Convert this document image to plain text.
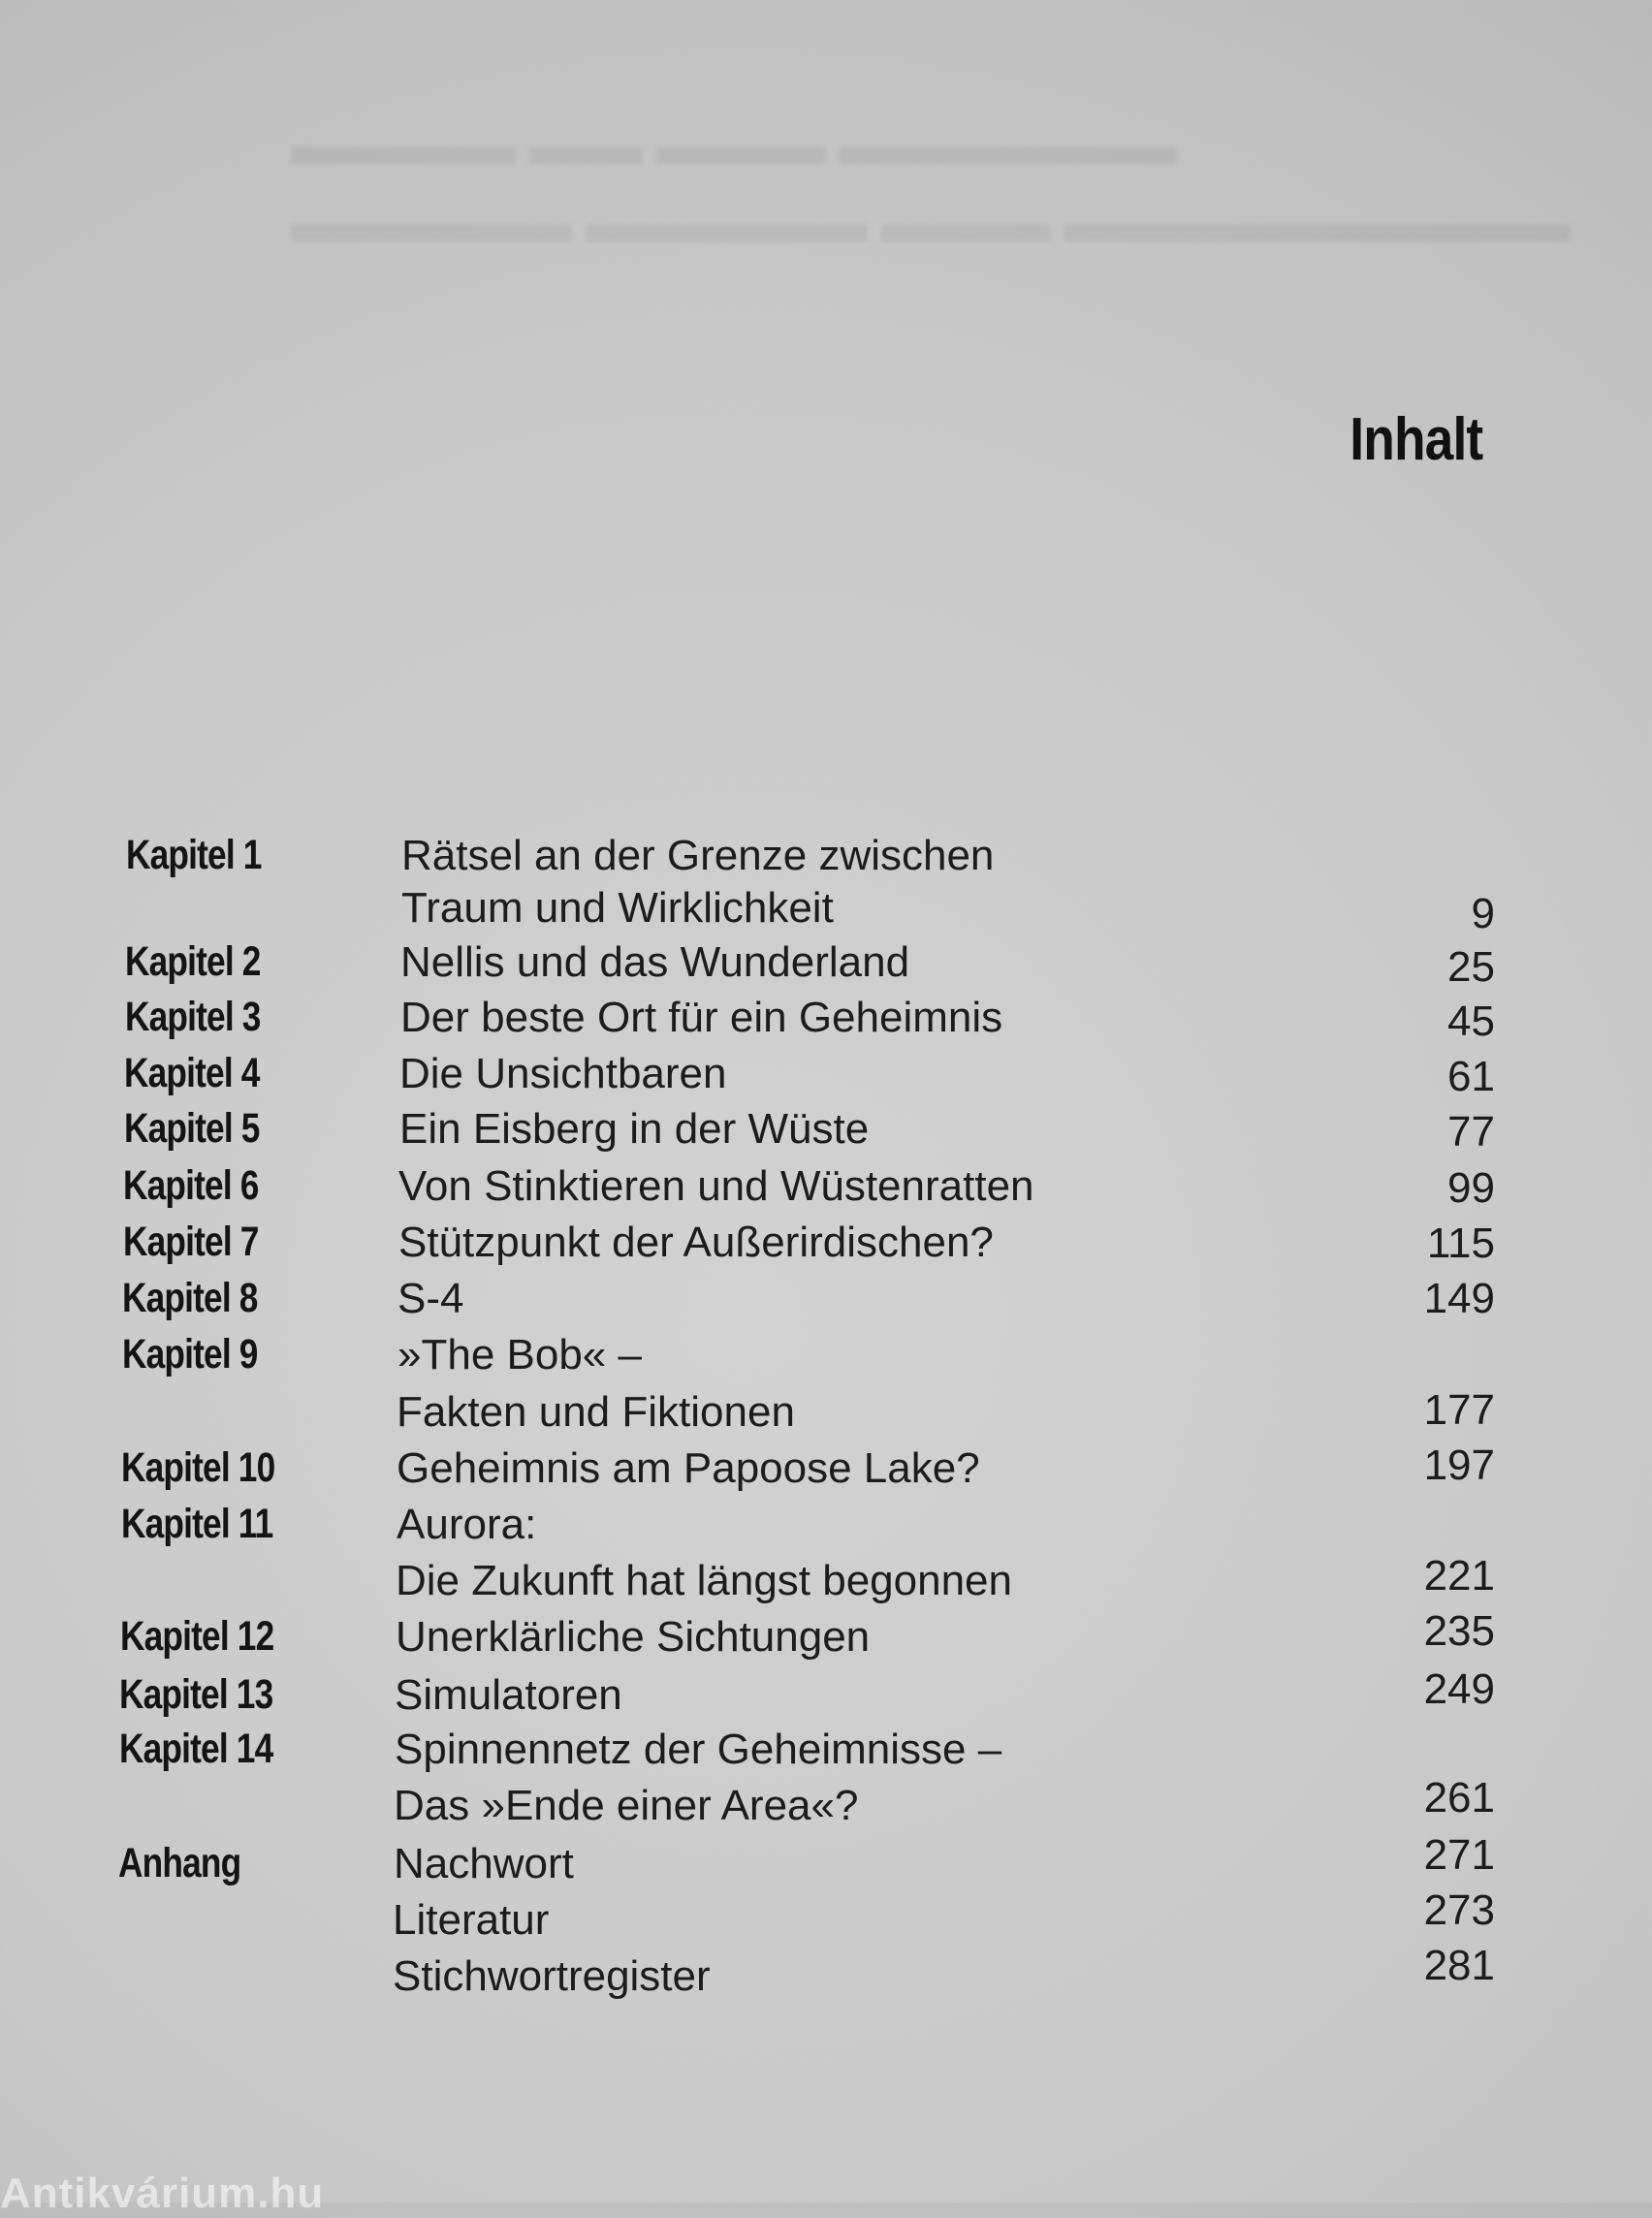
▬▬▬▬ ▬▬ ▬▬▬ ▬▬▬▬▬▬
▬▬▬▬▬ ▬▬▬▬▬ ▬▬▬ ▬▬▬▬▬▬▬▬▬
Inhalt
Kapitel 1	Rätsel an der Grenze zwischen
Traum und Wirklichkeit	9
Kapitel 2	Nellis und das Wunderland	25
Kapitel 3	Der beste Ort für ein Geheimnis	45
Kapitel 4	Die Unsichtbaren	61
Kapitel 5	Ein Eisberg in der Wüste	77
Kapitel 6	Von Stinktieren und Wüstenratten	99
Kapitel 7	Stützpunkt der Außerirdischen?	115
Kapitel 8	S-4	149
Kapitel 9	»The Bob« –
Fakten und Fiktionen	177
Kapitel 10	Geheimnis am Papoose Lake?	197
Kapitel 11	Aurora:
Die Zukunft hat längst begonnen	221
Kapitel 12	Unerklärliche Sichtungen	235
Kapitel 13	Simulatoren	249
Kapitel 14	Spinnennetz der Geheimnisse –
Das »Ende einer Area«?	261
Anhang	Nachwort	271
Literatur	273
Stichwortregister	281
Antikvárium.hu
